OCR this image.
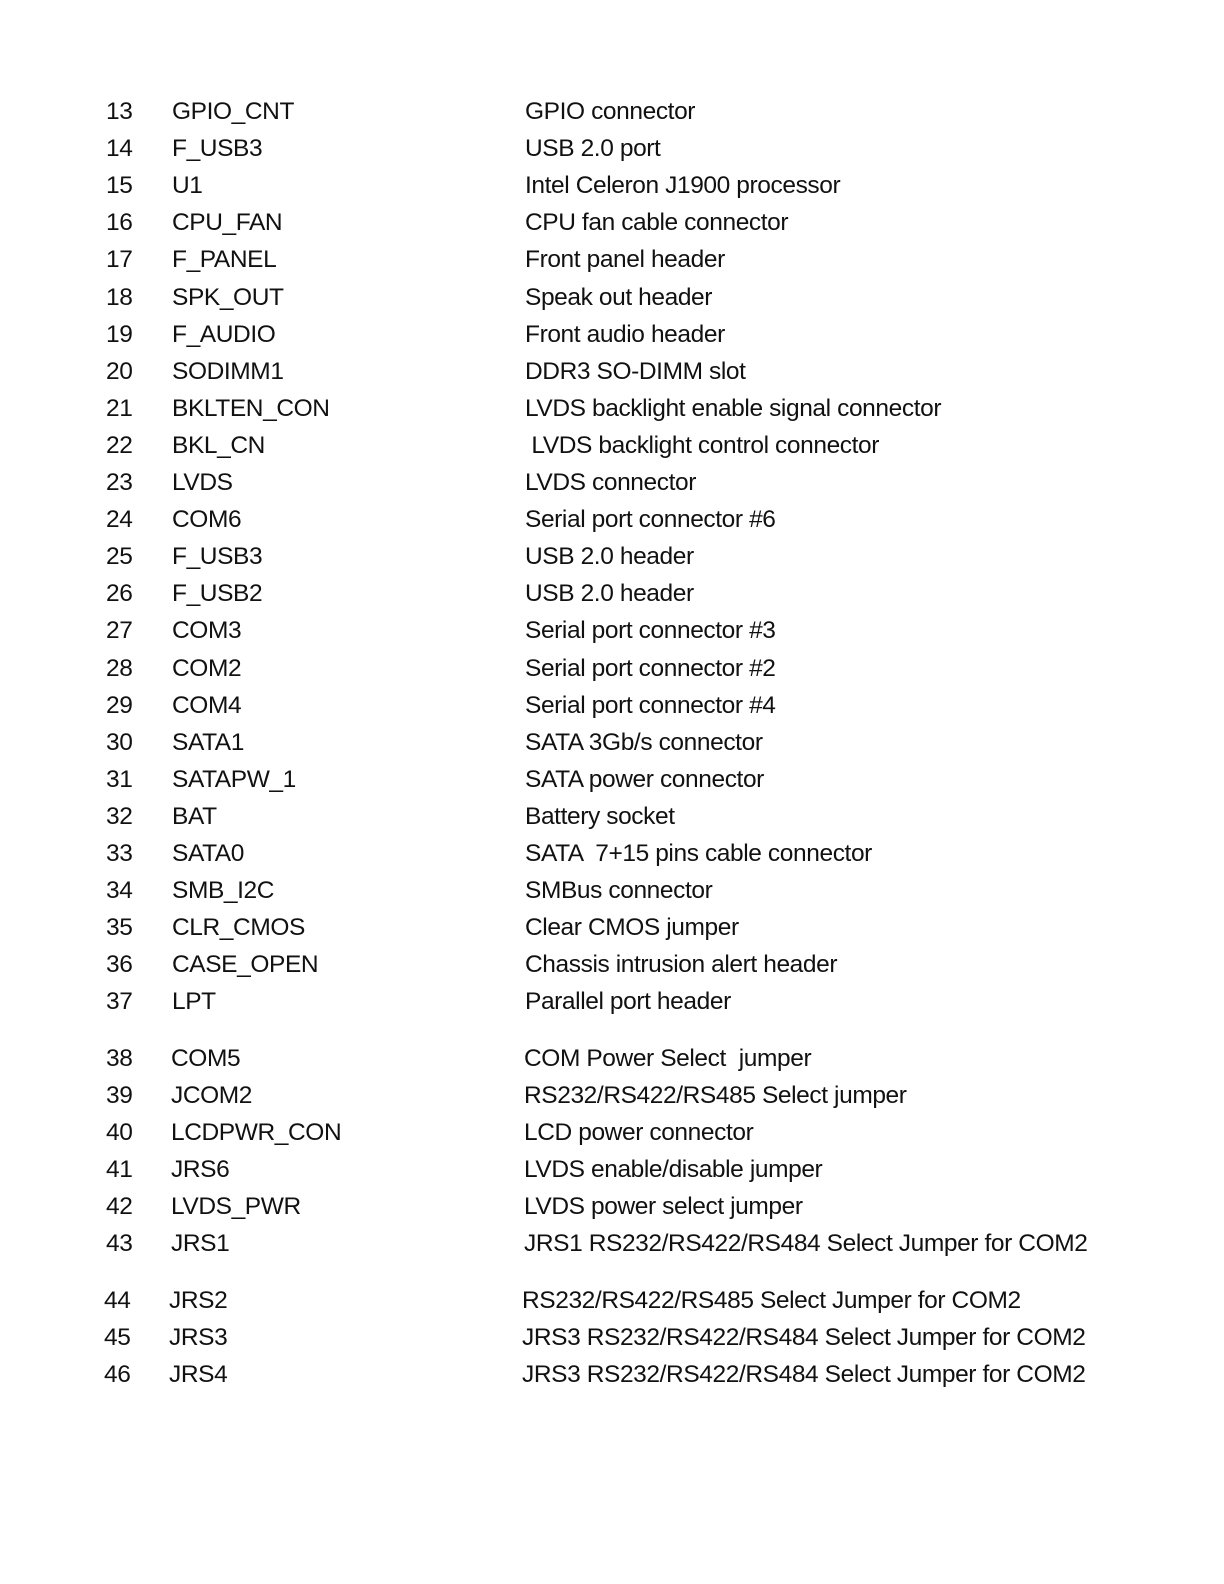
13 GPIO_CNT	GPIO connector
14 F_USB3	USB 2.0 port
15 U1	Intel Celeron J1900 processor
16 CPU_FAN	CPU fan cable connector
17 F_PANEL	Front panel header
18 SPK_OUT	Speak out header
19 F_AUDIO	Front audio header
20 SODIMM1	DDR3 SO-DIMM slot
21 BKLTEN_CON	LVDS backlight enable signal connector
22 BKL_CN	LVDS backlight control connector
23 LVDS	LVDS connector
24 COM6	Serial port connector #6
25 F_USB3	USB 2.0 header
26 F_USB2	USB 2.0 header
27 COM3	Serial port connector #3
28 COM2	Serial port connector #2
29 COM4	Serial port connector #4
30 SATA1	SATA 3Gb/s connector
31 SATAPW_1	SATA power connector
32 BAT	Battery socket
33 SATA0	SATA  7+15 pins cable connector
34 SMB_I2C	SMBus connector
35 CLR_CMOS	Clear CMOS jumper
36 CASE_OPEN	Chassis intrusion alert header
37 LPT	Parallel port header
38 COM5	COM Power Select  jumper
39 JCOM2	RS232/RS422/RS485 Select jumper
40 LCDPWR_CON	LCD power connector
41 JRS6	LVDS enable/disable jumper
42 LVDS_PWR	LVDS power select jumper
43 JRS1	JRS1 RS232/RS422/RS484 Select Jumper for COM2
44 JRS2	RS232/RS422/RS485 Select Jumper for COM2
45 JRS3	JRS3 RS232/RS422/RS484 Select Jumper for COM2
46 JRS4	JRS3 RS232/RS422/RS484 Select Jumper for COM2
